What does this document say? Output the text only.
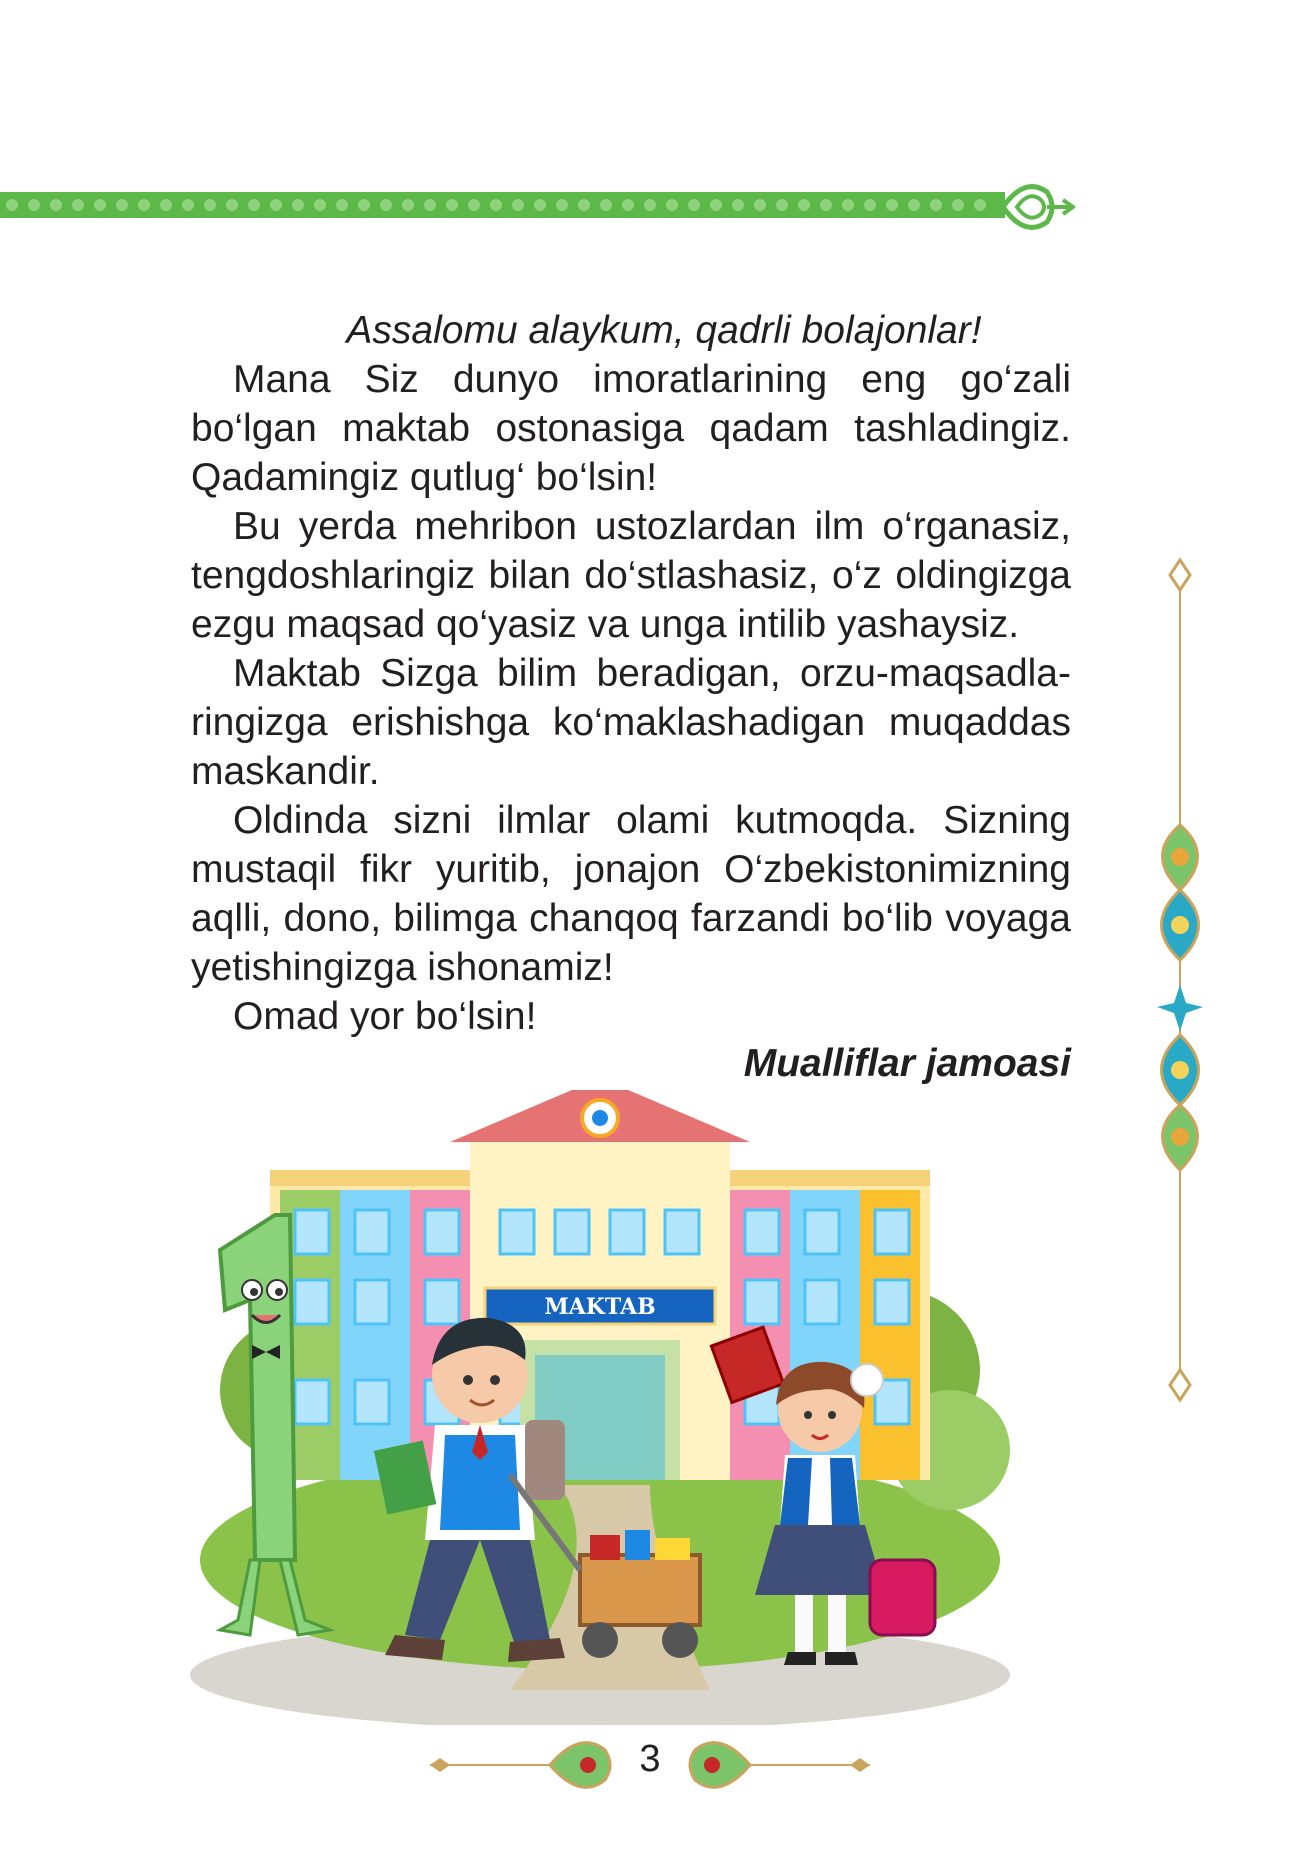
Assalomu alaykum, qadrli bolajonlar!

Mana Siz dunyo imoratlarining eng go‘zali bo‘lgan maktab ostonasiga qadam tashladingiz. Qadamingiz qutlug‘ bo‘lsin!

Bu yerda mehribon ustozlardan ilm o‘rganasiz, tengdoshlaringiz bilan do‘stlashasiz, o‘z oldingizga ezgu maqsad qo‘yasiz va unga intilib yashaysiz.

Maktab Sizga bilim beradigan, orzu-maqsadla-ringizga erishishga ko‘maklashadigan muqaddas maskandir.

Oldinda sizni ilmlar olami kutmoqda. Sizning mustaqil fikr yuritib, jonajon O‘zbekistonimizning aqlli, dono, bilimga chanqoq farzandi bo‘lib voyaga yetishingizga ishonamiz!

Omad yor bo‘lsin!

Mualliflar jamoasi

MAKTAB

3
